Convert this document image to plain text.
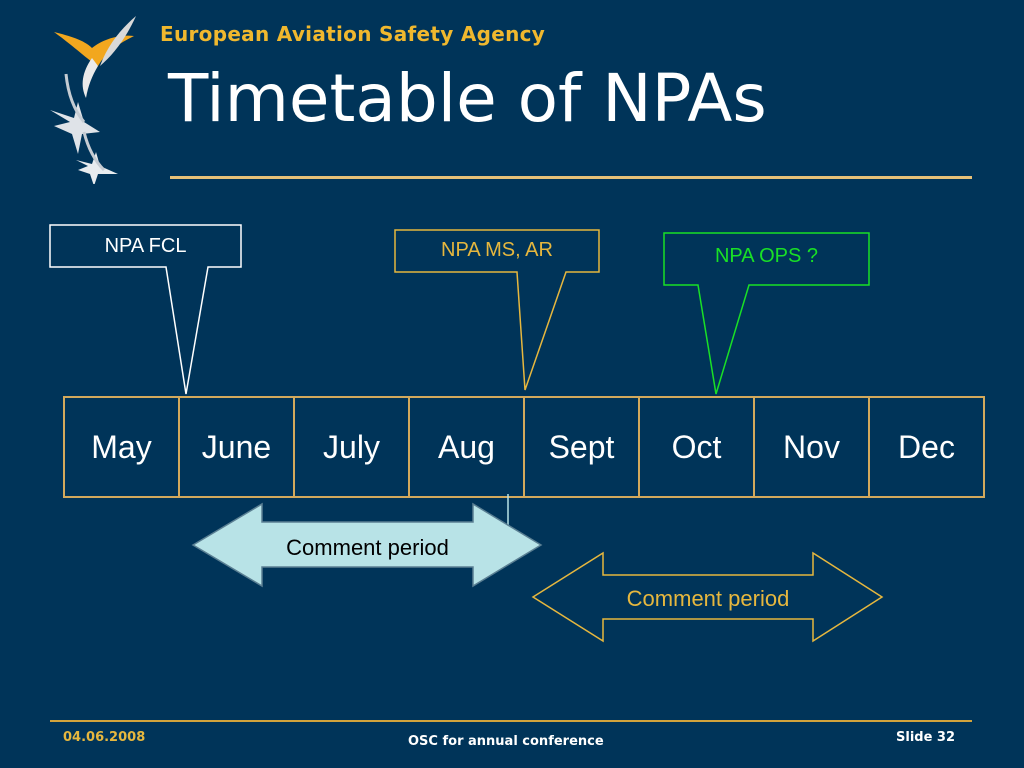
European Aviation Safety Agency
Timetable of NPAs
NPA FCL	NPA MS, AR	NPA OPS ?
May	June	July	Aug	Sept	Oct	Nov	Dec
Comment period
Comment period
04.06.2008	OSC for annual conference	Slide 32
